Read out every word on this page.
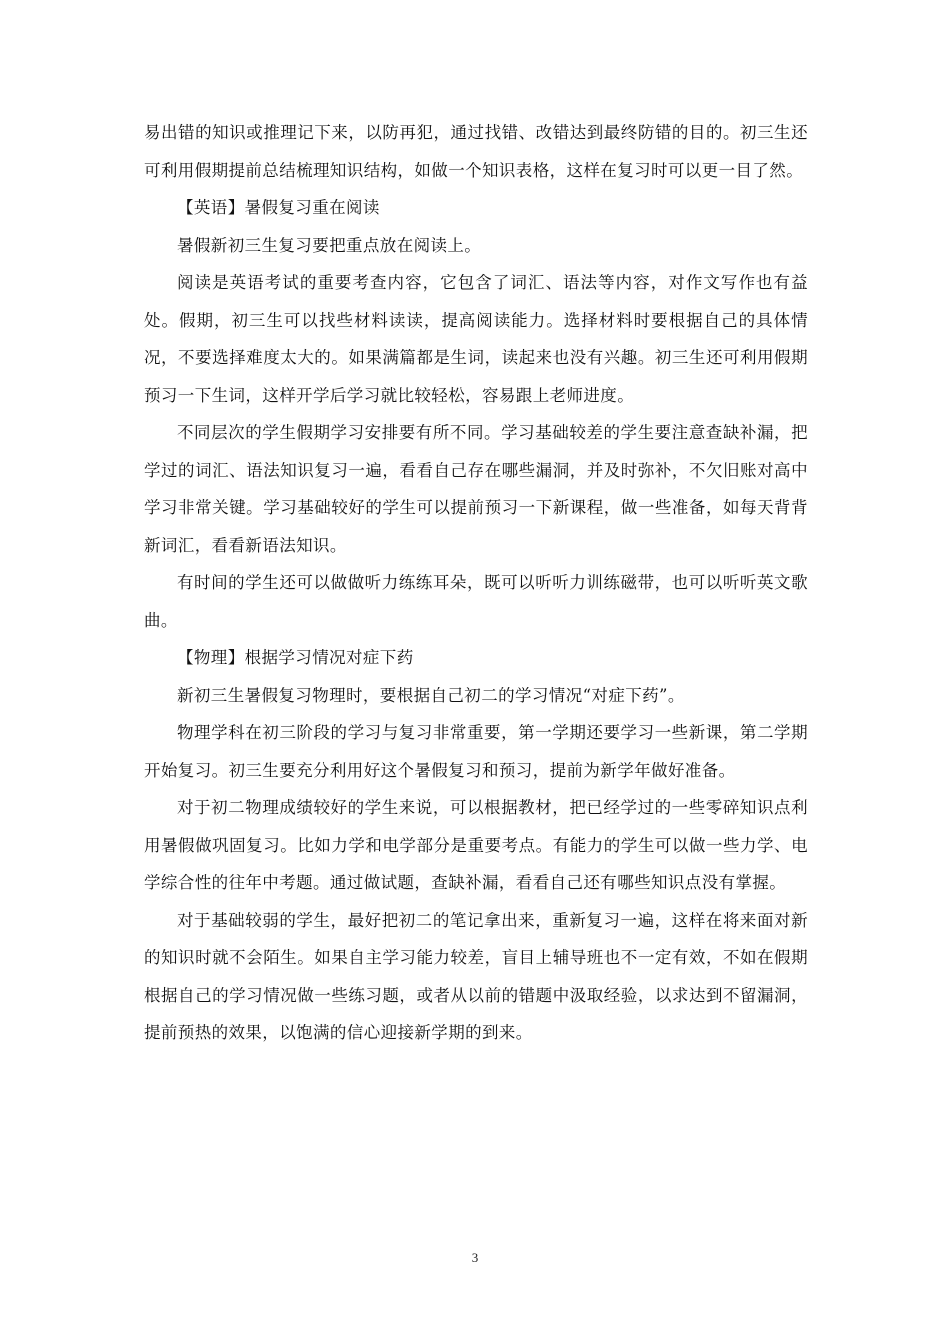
易出错的知识或推理记下来，以防再犯，通过找错、改错达到最终防错的目的。初三生还可利用假期提前总结梳理知识结构，如做一个知识表格，这样在复习时可以更一目了然。

【英语】暑假复习重在阅读

暑假新初三生复习要把重点放在阅读上。

阅读是英语考试的重要考查内容，它包含了词汇、语法等内容，对作文写作也有益处。假期，初三生可以找些材料读读，提高阅读能力。选择材料时要根据自己的具体情况，不要选择难度太大的。如果满篇都是生词，读起来也没有兴趣。初三生还可利用假期预习一下生词，这样开学后学习就比较轻松，容易跟上老师进度。

不同层次的学生假期学习安排要有所不同。学习基础较差的学生要注意查缺补漏，把学过的词汇、语法知识复习一遍，看看自己存在哪些漏洞，并及时弥补，不欠旧账对高中学习非常关键。学习基础较好的学生可以提前预习一下新课程，做一些准备，如每天背背新词汇，看看新语法知识。

有时间的学生还可以做做听力练练耳朵，既可以听听力训练磁带，也可以听听英文歌曲。

【物理】根据学习情况对症下药

新初三生暑假复习物理时，要根据自己初二的学习情况“对症下药”。

物理学科在初三阶段的学习与复习非常重要，第一学期还要学习一些新课，第二学期开始复习。初三生要充分利用好这个暑假复习和预习，提前为新学年做好准备。

对于初二物理成绩较好的学生来说，可以根据教材，把已经学过的一些零碎知识点利用暑假做巩固复习。比如力学和电学部分是重要考点。有能力的学生可以做一些力学、电学综合性的往年中考题。通过做试题，查缺补漏，看看自己还有哪些知识点没有掌握。

对于基础较弱的学生，最好把初二的笔记拿出来，重新复习一遍，这样在将来面对新的知识时就不会陌生。如果自主学习能力较差，盲目上辅导班也不一定有效，不如在假期根据自己的学习情况做一些练习题，或者从以前的错题中汲取经验，以求达到不留漏洞，提前预热的效果，以饱满的信心迎接新学期的到来。

3
